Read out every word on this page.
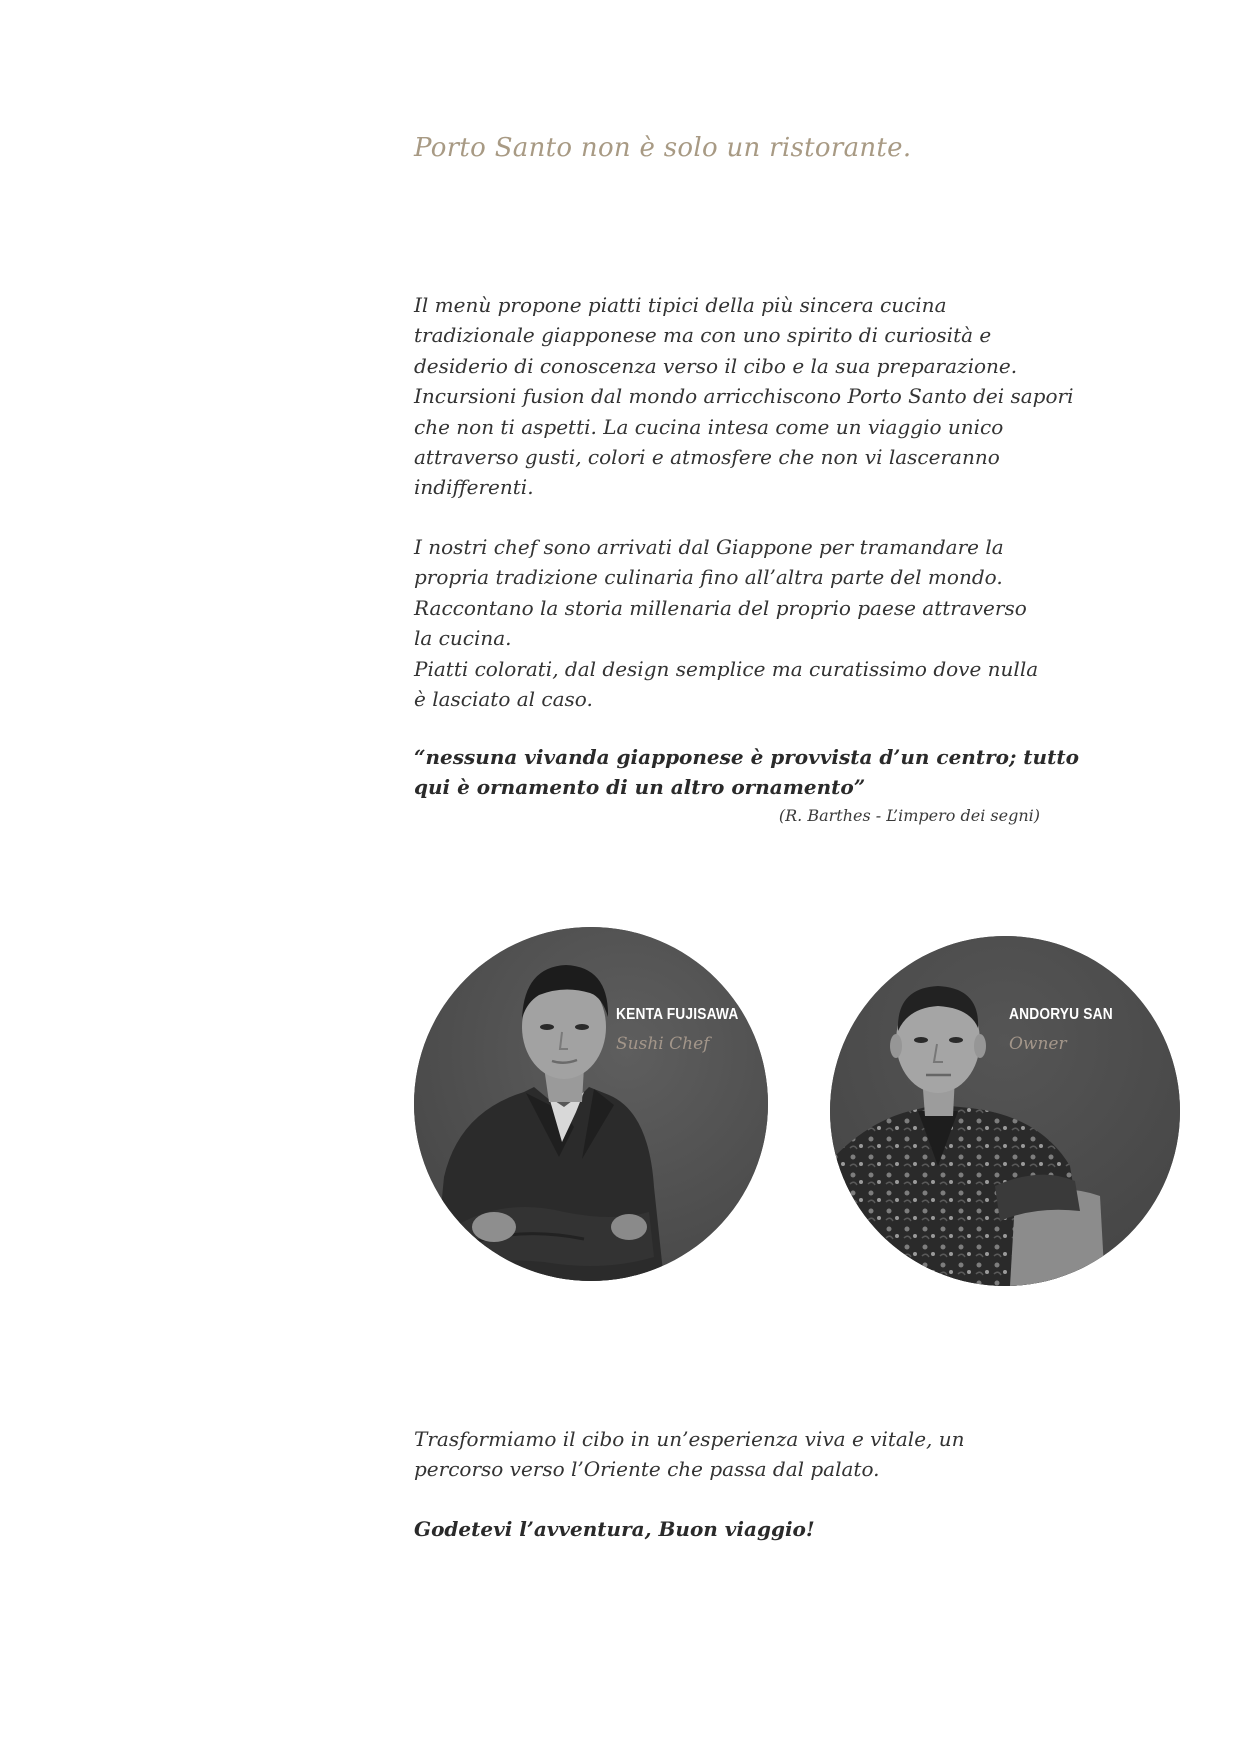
Porto Santo non è solo un ristorante.
Il menù propone piatti tipici della più sincera cucina
tradizionale giapponese ma con uno spirito di curiosità e
desiderio di conoscenza verso il cibo e la sua preparazione.
Incursioni fusion dal mondo arricchiscono Porto Santo dei sapori
che non ti aspetti. La cucina intesa come un viaggio unico
attraverso gusti, colori e atmosfere che non vi lasceranno
indifferenti.
I nostri chef sono arrivati dal Giappone per tramandare la
propria tradizione culinaria fino all’altra parte del mondo.
Raccontano la storia millenaria del proprio paese attraverso
la cucina.
Piatti colorati, dal design semplice ma curatissimo dove nulla
è lasciato al caso.
“nessuna vivanda giapponese è provvista d’un centro; tutto
qui è ornamento di un altro ornamento”
(R. Barthes - L’impero dei segni)
KENTA FUJISAWA
Sushi Chef
ANDORYU SAN
Owner
Trasformiamo il cibo in un’esperienza viva e vitale, un
percorso verso l’Oriente che passa dal palato.
Godetevi l’avventura, Buon viaggio!
